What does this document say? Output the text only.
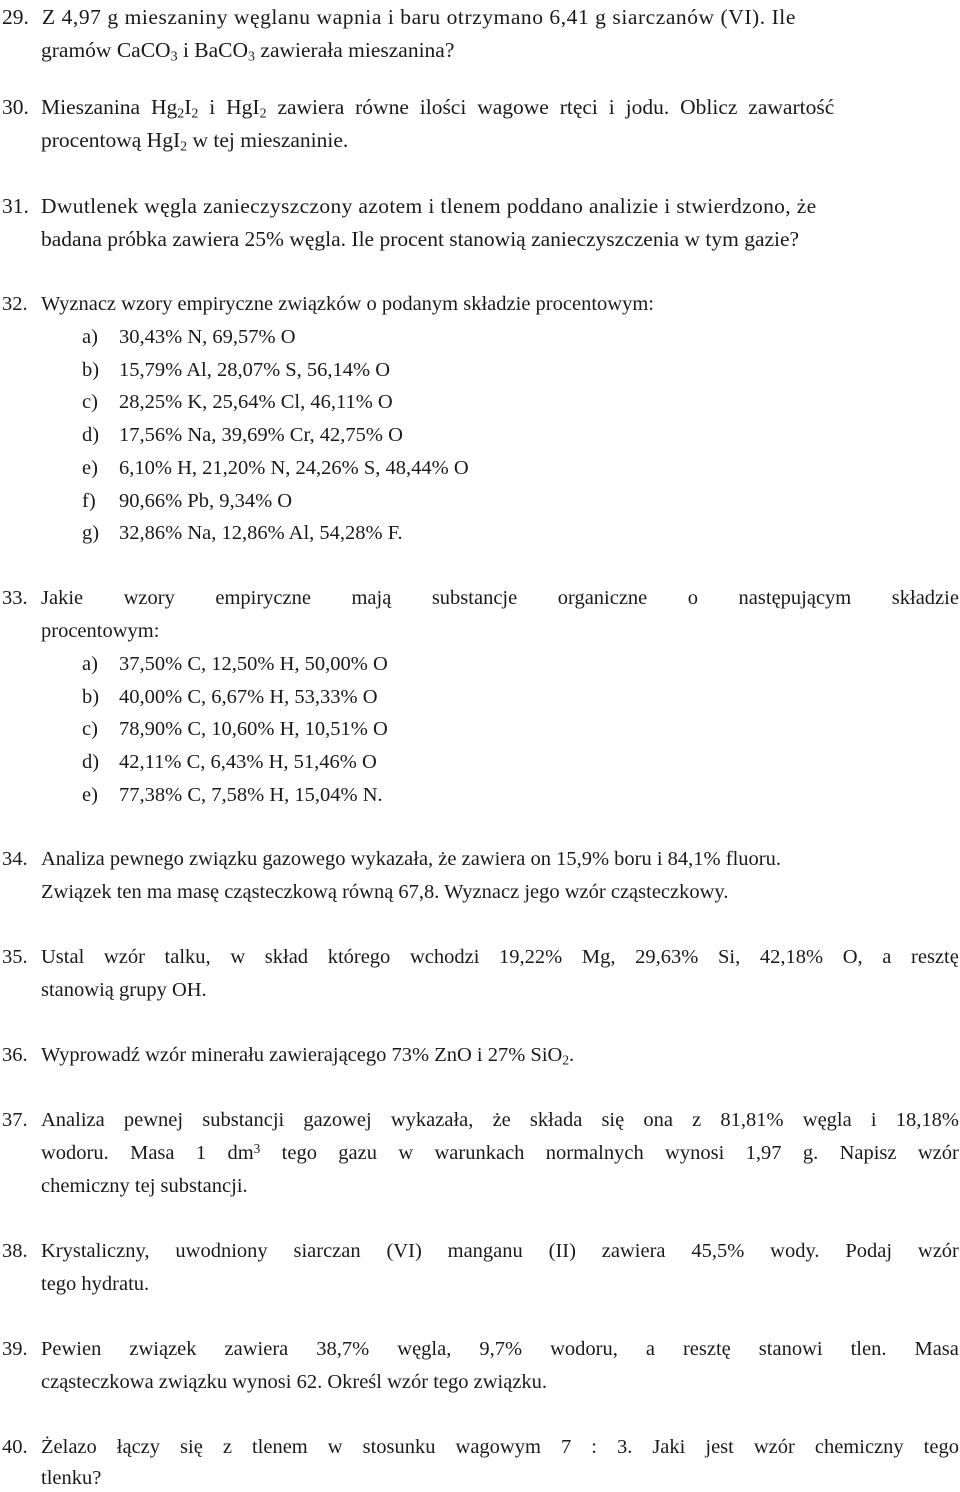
29. Z 4,97 g mieszaniny węglanu wapnia i baru otrzymano 6,41 g siarczanów (VI). Ile
gramów CaCO$_3$ i BaCO$_3$ zawierała mieszanina?
30. Mieszanina $Hg_2I_2$ i HgI$_2$ zawiera równe ilości wagowe rtęci i jodu. Oblicz zawartość
procentową HgI$_2$ w tej mieszaninie.
31. Dwutlenek węgla zanieczyszczony azotem i tlenem poddano analizie i stwierdzono, że
badana próbka zawiera 25% węgla. Ile procent stanowią zanieczyszczenia w tym gazie?
32. Wyznacz wzory empiryczne związków o podanym składzie procentowym:
a) 30,43% N, 69,57% O
b) 15,79% Al, 28,07% S, 56,14% O
c) 28,25% K, 25,64% Cl, 46,11% O
d) 17,56% Na, 39,69% Cr, 42,75% O
e) 6,10% H, 21,20% N, 24,26% S, 48,44% O
f) 90,66% Pb, 9,34% O
g) 32,86% Na, 12,86% Al, 54,28% F.
33. Jakie wzory empiryczne mają substancje organiczne o następującym składzie
procentowym:
a) 37,50% C, 12,50% H, 50,00% O
b) 40,00% C, 6,67% H, 53,33% O
c) 78,90% C, 10,60% H, 10,51% O
d) 42,11% C, 6,43% H, 51,46% O
e) 77,38% C, 7,58% H, 15,04% N.
34. Analiza pewnego związku gazowego wykazała, że zawiera on 15,9% boru i 84,1% fluoru.
Związek ten ma masę cząsteczkową równą 67,8. Wyznacz jego wzór cząsteczkowy.
35. Ustal wzór talku, w skład którego wchodzi 19,22% Mg, 29,63% Si, 42,18% O, a resztę
stanowią grupy OH.
36. Wyprowadź wzór minerału zawierającego 73% ZnO i 27% SiO$_2$.
37. Analiza pewnej substancji gazowej wykazała, że składa się ona z 81,81% węgla i 18,18%
wodoru. Masa 1 $dm^3$ tego gazu w warunkach normalnych wynosi 1,97 g. Napisz wzór
chemiczny tej substancji.
38. Krystaliczny, uwodniony siarczan (VI) manganu (II) zawiera 45,5% wody. Podaj wzór
tego hydratu.
39. Pewien związek zawiera 38,7% węgla, 9,7% wodoru, a resztę stanowi tlen. Masa
cząsteczkowa związku wynosi 62. Określ wzór tego związku.
40. Żelazo łączy się z tlenem w stosunku wagowym 7 : 3. Jaki jest wzór chemiczny tego
tlenku?
